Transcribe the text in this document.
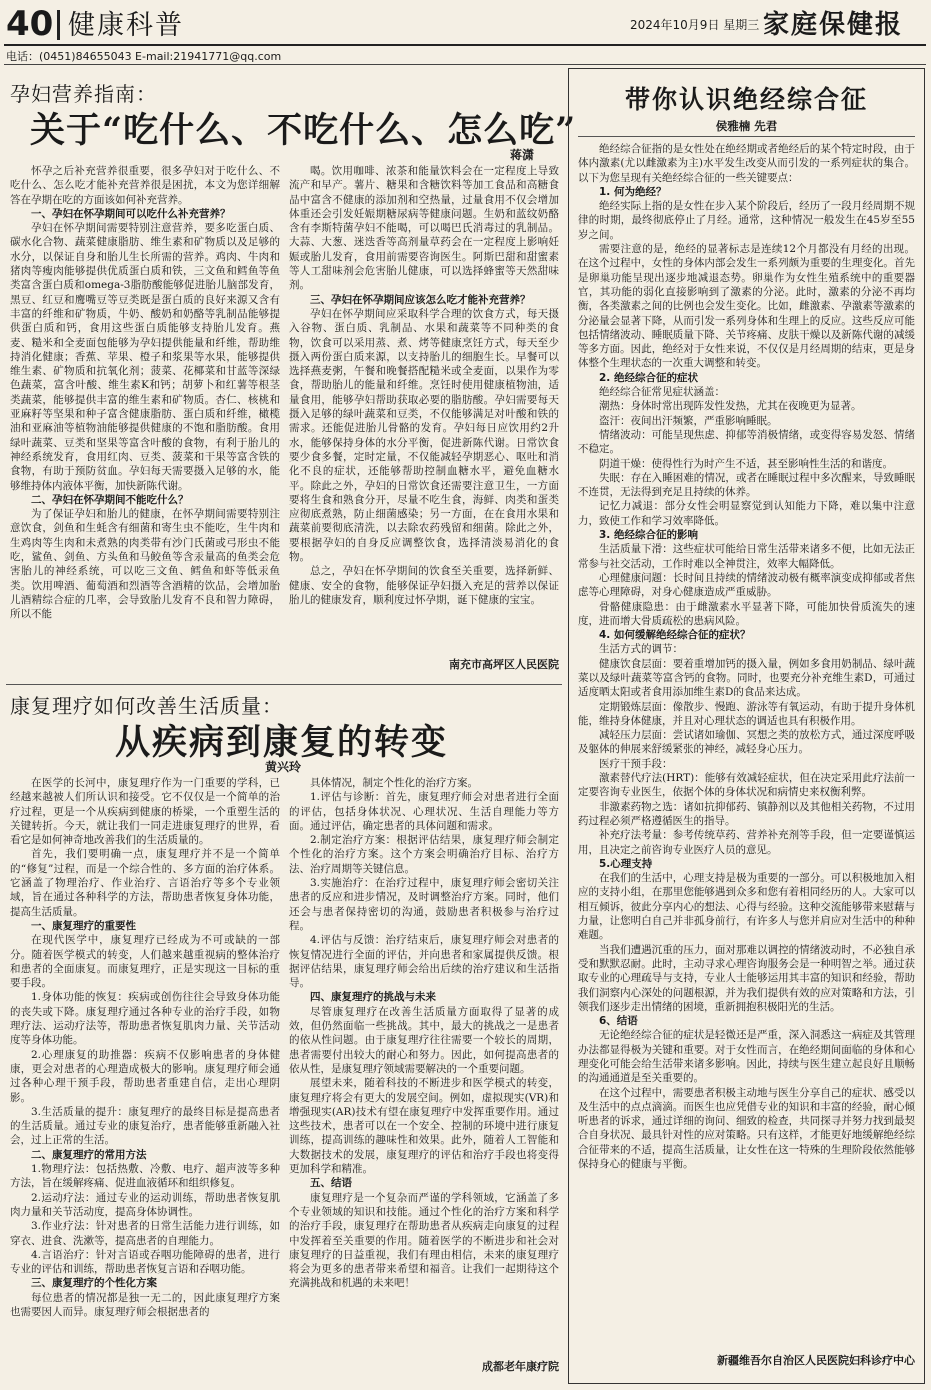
40 健康科普	2024年10月9日 星期三 家庭保健报
电话：(0451)84655043 E-mail:21941771@qq.com
孕妇营养指南：
关于“吃什么、不吃什么、怎么吃”
蒋潇

怀孕之后补充营养很重要，很多孕妇对于吃什么、不吃什么、怎么吃才能补充营养很是困扰，本文为您详细解答在孕期在吃的方面该如何补充营养。

一、孕妇在怀孕期间可以吃什么补充营养？

孕妇在怀孕期间需要特别注意营养，要多吃蛋白质、碳水化合物、蔬菜健康脂肪、维生素和矿物质以及足够的水分，以保证自身和胎儿生长所需的营养。鸡肉、牛肉和猪肉等瘦肉能够提供优质蛋白质和铁，三文鱼和鳕鱼等鱼类富含蛋白质和omega-3脂肪酸能够促进胎儿脑部发育，黑豆、红豆和鹰嘴豆等豆类既是蛋白质的良好来源又含有丰富的纤维和矿物质，牛奶、酸奶和奶酪等乳制品能够提供蛋白质和钙，食用这些蛋白质能够支持胎儿发育。燕麦、糙米和全麦面包能够为孕妇提供能量和纤维，帮助维持消化健康；香蕉、苹果、橙子和浆果等水果，能够提供维生素、矿物质和抗氧化剂；菠菜、花椰菜和甘蓝等深绿色蔬菜，富含叶酸、维生素K和钙；胡萝卜和红薯等根茎类蔬菜，能够提供丰富的维生素和矿物质。杏仁、核桃和亚麻籽等坚果和种子富含健康脂肪、蛋白质和纤维，橄榄油和亚麻油等植物油能够提供健康的不饱和脂肪酸。食用绿叶蔬菜、豆类和坚果等富含叶酸的食物，有利于胎儿的神经系统发育，食用红肉、豆类、菠菜和干果等富含铁的食物，有助于预防贫血。孕妇每天需要摄入足够的水，能够维持体内液体平衡，加快新陈代谢。

二、孕妇在怀孕期间不能吃什么？

为了保证孕妇和胎儿的健康，在怀孕期间需要特别注意饮食，剑鱼和生蚝含有细菌和寄生虫不能吃，生牛肉和生鸡肉等生肉和未煮熟的肉类带有沙门氏菌或弓形虫不能吃，鲨鱼、剑鱼、方头鱼和马鲛鱼等含汞量高的鱼类会危害胎儿的神经系统，可以吃三文鱼、鳕鱼和虾等低汞鱼类。饮用啤酒、葡萄酒和烈酒等含酒精的饮品，会增加胎儿酒精综合症的几率，会导致胎儿发育不良和智力障碍，所以不能

喝。饮用咖啡、浓茶和能量饮料会在一定程度上导致流产和早产。薯片、糖果和含糖饮料等加工食品和高糖食品中富含不健康的添加剂和空热量，过量食用不仅会增加体重还会引发妊娠期糖尿病等健康问题。生奶和蓝纹奶酪含有李斯特菌孕妇不能喝，可以喝巴氏消毒过的乳制品。大蒜、大葱、迷迭香等高剂量草药会在一定程度上影响妊娠或胎儿发育，食用前需要咨询医生。阿斯巴甜和甜蜜素等人工甜味剂会危害胎儿健康，可以选择蜂蜜等天然甜味剂。

三、孕妇在怀孕期间应该怎么吃才能补充营养？

孕妇在怀孕期间应采取科学合理的饮食方式，每天摄入谷物、蛋白质、乳制品、水果和蔬菜等不同种类的食物，饮食可以采用蒸、煮、烤等健康烹饪方式，每天至少摄入两份蛋白质来源，以支持胎儿的细胞生长。早餐可以选择燕麦粥，午餐和晚餐搭配糙米或全麦面，以果作为零食，帮助胎儿的能量和纤维。烹饪时使用健康植物油，适量食用，能够孕妇帮助获取必要的脂肪酸。孕妇需要每天摄入足够的绿叶蔬菜和豆类，不仅能够满足对叶酸和铁的需求。还能促进胎儿骨骼的发育。孕妇每日应饮用约2升水，能够保持身体的水分平衡，促进新陈代谢。日常饮食要少食多餐，定时定量，不仅能减轻孕期恶心、呕吐和消化不良的症状，还能够帮助控制血糖水平，避免血糖水平。除此之外，孕妇的日常饮食还需要注意卫生，一方面要将生食和熟食分开，尽量不吃生食，海鲜、肉类和蛋类应彻底煮熟，防止细菌感染；另一方面，在在食用水果和蔬菜前要彻底清洗，以去除农药残留和细菌。除此之外，要根据孕妇的自身反应调整饮食，选择清淡易消化的食物。

总之，孕妇在怀孕期间的饮食至关重要，选择新鲜、健康、安全的食物，能够保证孕妇摄入充足的营养以保证胎儿的健康发育，顺利度过怀孕期，诞下健康的宝宝。

南充市高坪区人民医院
康复理疗如何改善生活质量：
从疾病到康复的转变
黄兴玲

在医学的长河中，康复理疗作为一门重要的学科，已经越来越被人们所认识和接受。它不仅仅是一个简单的治疗过程，更是一个从疾病到健康的桥梁，一个重塑生活的关键转折。今天，就让我们一同走进康复理疗的世界，看看它是如何神奇地改善我们的生活质量的。

首先，我们要明确一点，康复理疗并不是一个简单的“修复”过程，而是一个综合性的、多方面的治疗体系。它涵盖了物理治疗、作业治疗、言语治疗等多个专业领域，旨在通过各种科学的方法，帮助患者恢复身体功能，提高生活质量。

一、康复理疗的重要性

在现代医学中，康复理疗已经成为不可或缺的一部分。随着医学模式的转变，人们越来越重视病的整体治疗和患者的全面康复。而康复理疗，正是实现这一目标的重要手段。

1.身体功能的恢复：疾病或创伤往往会导致身体功能的丧失或下降。康复理疗通过各种专业的治疗手段，如物理疗法、运动疗法等，帮助患者恢复肌肉力量、关节活动度等身体功能。

2.心理康复的助推器：疾病不仅影响患者的身体健康，更会对患者的心理造成极大的影响。康复理疗师会通过各种心理干预手段，帮助患者重建自信，走出心理阴影。

3.生活质量的提升：康复理疗的最终目标是提高患者的生活质量。通过专业的康复治疗，患者能够重新融入社会，过上正常的生活。

二、康复理疗的常用方法

1.物理疗法：包括热敷、冷敷、电疗、超声波等多种方法，旨在缓解疼痛、促进血液循环和组织修复。

2.运动疗法：通过专业的运动训练，帮助患者恢复肌肉力量和关节活动度，提高身体协调性。

3.作业疗法：针对患者的日常生活能力进行训练，如穿衣、进食、洗漱等，提高患者的自理能力。

4.言语治疗：针对言语或吞咽功能障碍的患者，进行专业的评估和训练，帮助患者恢复言语和吞咽功能。

三、康复理疗的个性化方案

每位患者的情况都是独一无二的，因此康复理疗方案也需要因人而异。康复理疗师会根据患者的

具体情况，制定个性化的治疗方案。

1.评估与诊断：首先，康复理疗师会对患者进行全面的评估，包括身体状况、心理状况、生活自理能力等方面。通过评估，确定患者的具体问题和需求。

2.制定治疗方案：根据评估结果，康复理疗师会制定个性化的治疗方案。这个方案会明确治疗目标、治疗方法、治疗周期等关键信息。

3.实施治疗：在治疗过程中，康复理疗师会密切关注患者的反应和进步情况，及时调整治疗方案。同时，他们还会与患者保持密切的沟通，鼓励患者积极参与治疗过程。

4.评估与反馈：治疗结束后，康复理疗师会对患者的恢复情况进行全面的评估，并向患者和家属提供反馈。根据评估结果，康复理疗师会给出后续的治疗建议和生活指导。

四、康复理疗的挑战与未来

尽管康复理疗在改善生活质量方面取得了显著的成效，但仍然面临一些挑战。其中，最大的挑战之一是患者的依从性问题。由于康复理疗往往需要一个较长的周期，患者需要付出较大的耐心和努力。因此，如何提高患者的依从性，是康复理疗领域需要解决的一个重要问题。

展望未来，随着科技的不断进步和医学模式的转变，康复理疗将会有更大的发展空间。例如，虚拟现实(VR)和增强现实(AR)技术有望在康复理疗中发挥重要作用。通过这些技术，患者可以在一个安全、控制的环境中进行康复训练，提高训练的趣味性和效果。此外，随着人工智能和大数据技术的发展，康复理疗的评估和治疗手段也将变得更加科学和精准。

五、结语

康复理疗是一个复杂而严谨的学科领域，它涵盖了多个专业领域的知识和技能。通过个性化的治疗方案和科学的治疗手段，康复理疗在帮助患者从疾病走向康复的过程中发挥着至关重要的作用。随着医学的不断进步和社会对康复理疗的日益重视，我们有理由相信，未来的康复理疗将会为更多的患者带来希望和福音。让我们一起期待这个充满挑战和机遇的未来吧！

成都老年康疗院
带你认识绝经综合征
侯雅楠 先君

绝经综合征指的是女性处在绝经期或者绝经后的某个特定时段，由于体内激素(尤以雌激素为主)水平发生改变从而引发的一系列症状的集合。以下为您呈现有关绝经综合征的一些关键要点：

1. 何为绝经？

绝经实际上指的是女性在步入某个阶段后，经历了一段月经周期不规律的时期，最终彻底停止了月经。通常，这种情况一般发生在45岁至55岁之间。

需要注意的是，绝经的显著标志是连续12个月都没有月经的出现。在这个过程中，女性的身体内部会发生一系列颇为重要的生理变化。首先是卵巢功能呈现出逐步地减退态势。卵巢作为女性生殖系统中的重要器官，其功能的弱化直接影响到了激素的分泌。此时，激素的分泌不再均衡，各类激素之间的比例也会发生变化。比如，雌激素、孕激素等激素的分泌量会显著下降，从而引发一系列身体和生理上的反应。这些反应可能包括情绪波动、睡眠质量下降、关节疼痛、皮肤干燥以及新陈代谢的减缓等多方面。因此，绝经对于女性来说，不仅仅是月经周期的结束，更是身体整个生理状态的一次重大调整和转变。

2. 绝经综合征的症状

绝经综合征常见症状涵盖：

潮热：身体时常出现阵发性发热，尤其在夜晚更为显著。

盗汗：夜间出汗频繁，严重影响睡眠。

情绪波动：可能呈现焦虑、抑郁等消极情绪，或变得容易发怒、情绪不稳定。

阴道干燥：使得性行为时产生不适，甚至影响性生活的和谐度。

失眠：存在入睡困难的情况，或者在睡眠过程中多次醒来，导致睡眠不连贯，无法得到充足且持续的休养。

记忆力减退：部分女性会明显察觉到认知能力下降，难以集中注意力，致使工作和学习效率降低。

3. 绝经综合征的影响

生活质量下滑：这些症状可能给日常生活带来诸多不便，比如无法正常参与社交活动，工作时难以全神贯注，效率大幅降低。

心理健康问题：长时间且持续的情绪波动极有概率演变成抑郁或者焦虑等心理障碍，对身心健康造成严重威胁。

骨骼健康隐患：由于雌激素水平显著下降，可能加快骨质流失的速度，进而增大骨质疏松的患病风险。

4. 如何缓解绝经综合征的症状？

生活方式的调节：

健康饮食层面：要着重增加钙的摄入量，例如多食用奶制品、绿叶蔬菜以及绿叶蔬菜等富含钙的食物。同时，也要充分补充维生素D，可通过适度晒太阳或者食用添加维生素D的食品来达成。

定期锻炼层面：像散步、慢跑、游泳等有氧运动，有助于提升身体机能，维持身体健康，并且对心理状态的调适也具有积极作用。

减轻压力层面：尝试诸如瑜伽、冥想之类的放松方式，通过深度呼吸及躯体的伸展来舒缓紧张的神经，减轻身心压力。

医疗干预手段：

激素替代疗法(HRT)：能够有效减轻症状，但在决定采用此疗法前一定要咨询专业医生，依据个体的身体状况和病情史来权衡利弊。

非激素药物之选：诸如抗抑郁药、镇静剂以及其他相关药物，不过用药过程必须严格遵循医生的指导。

补充疗法考量：参考传统草药、营养补充剂等手段，但一定要谨慎运用，且决定之前咨询专业医疗人员的意见。

5.心理支持

在我们的生活中，心理支持是极为重要的一部分。可以积极地加入相应的支持小组，在那里您能够遇到众多和您有着相同经历的人。大家可以相互倾诉，彼此分享内心的想法、心得与经验。这种交流能够带来慰藉与力量，让您明白自己并非孤身前行，有许多人与您并肩应对生活中的种种难题。

当我们遭遇沉重的压力，面对那难以调控的情绪波动时，不必独自承受和默默忍耐。此时，主动寻求心理咨询服务会是一种明智之举。通过获取专业的心理疏导与支持，专业人士能够运用其丰富的知识和经验，帮助我们洞察内心深处的问题根源，并为我们提供有效的应对策略和方法，引领我们逐步走出情绪的困境，重新拥抱积极阳光的生活。

6、结语

无论绝经综合征的症状是轻微还是严重，深入洞悉这一病症及其管理办法都显得极为关键和重要。对于女性而言，在绝经期间面临的身体和心理变化可能会给生活带来诸多影响。因此，持续与医生建立起良好且顺畅的沟通通道是至关重要的。

在这个过程中，需要患者积极主动地与医生分享自己的症状、感受以及生活中的点点滴滴。而医生也应凭借专业的知识和丰富的经验，耐心倾听患者的诉求，通过详细的询问、细致的检查，共同探寻并努力找到最契合自身状况、最具针对性的应对策略。只有这样，才能更好地缓解绝经综合征带来的不适，提高生活质量，让女性在这一特殊的生理阶段依然能够保持身心的健康与平衡。

新疆维吾尔自治区人民医院妇科诊疗中心
